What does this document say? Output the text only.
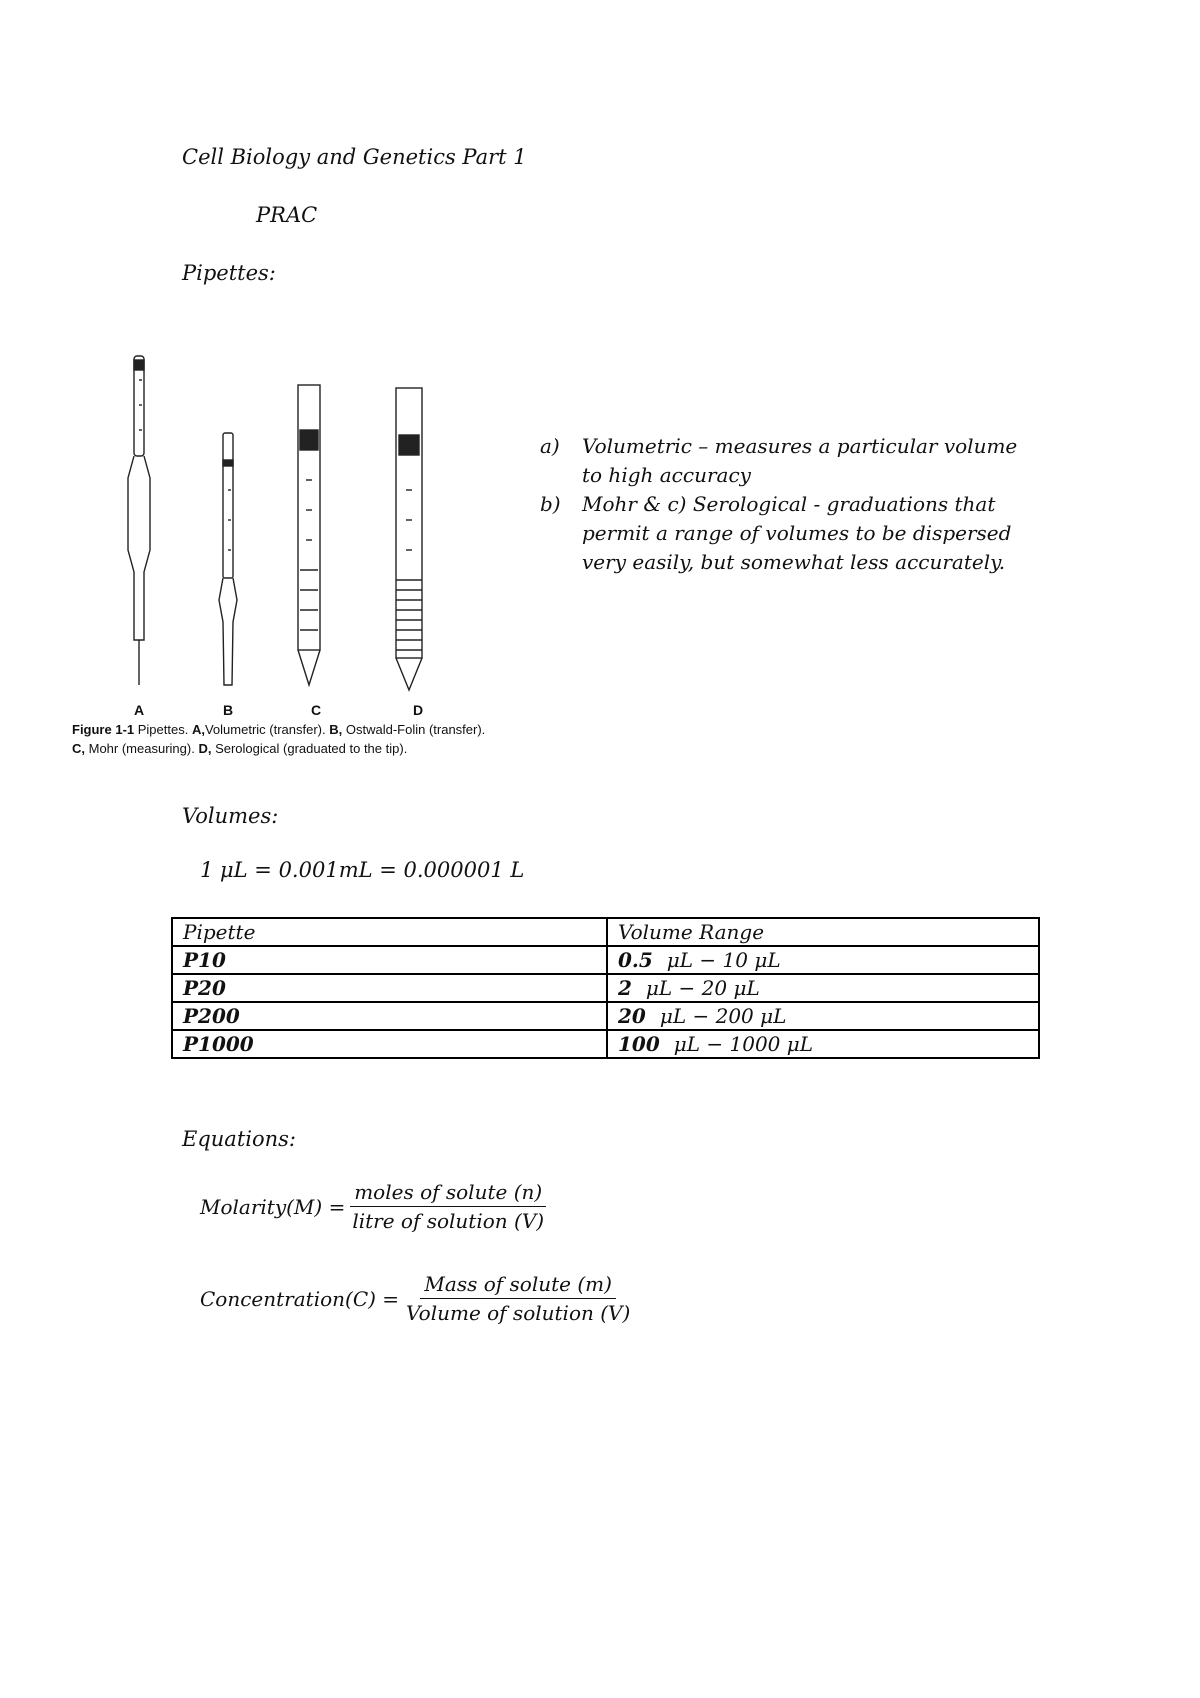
Cell Biology and Genetics Part 1
PRAC
Pipettes:
A	B	C	D
Figure 1-1 Pipettes. A,Volumetric (transfer). B, Ostwald-Folin (transfer). C, Mohr (measuring). D, Serological (graduated to the tip).
a)	Volumetric – measures a particular volume to high accuracy
b)	Mohr & c) Serological - graduations that permit a range of volumes to be dispersed very easily, but somewhat less accurately.
Volumes:
1 μL = 0.001mL = 0.000001 L
Pipette	Volume Range
P10	0.5 μL − 10 μL
P20	2 μL − 20 μL
P200	20 μL − 200 μL
P1000	100 μL − 1000 μL
Equations:
Molarity(M) = $\frac{\text{moles of solute (n)}}{\text{litre of solution (V)}}$
Concentration(C) = $\frac{\text{Mass of solute (m)}}{\text{Volume of solution (V)}}$
